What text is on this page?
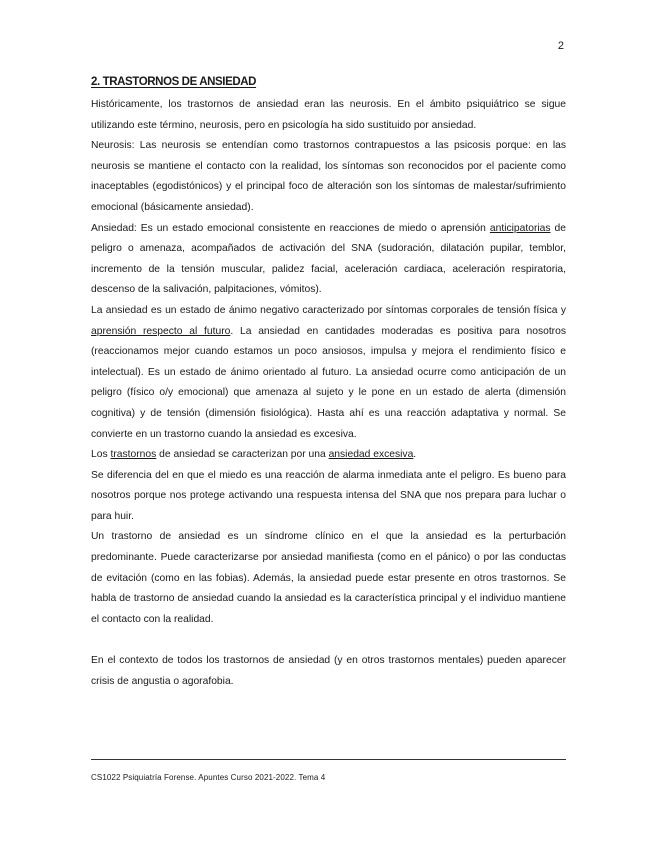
2
2. TRASTORNOS DE ANSIEDAD

Históricamente, los trastornos de ansiedad eran las neurosis. En el ámbito psiquiátrico se sigue utilizando este término, neurosis, pero en psicología ha sido sustituido por ansiedad.

Neurosis: Las neurosis se entendían como trastornos contrapuestos a las psicosis porque: en las neurosis se mantiene el contacto con la realidad, los síntomas son reconocidos por el paciente como inaceptables (egodistónicos) y el principal foco de alteración son los síntomas de malestar/sufrimiento emocional (básicamente ansiedad).

Ansiedad: Es un estado emocional consistente en reacciones de miedo o aprensión anticipatorias de peligro o amenaza, acompañados de activación del SNA (sudoración, dilatación pupilar, temblor, incremento de la tensión muscular, palidez facial, aceleración cardiaca, aceleración respiratoria, descenso de la salivación, palpitaciones, vómitos).

La ansiedad es un estado de ánimo negativo caracterizado por síntomas corporales de tensión física y aprensión respecto al futuro. La ansiedad en cantidades moderadas es positiva para nosotros (reaccionamos mejor cuando estamos un poco ansiosos, impulsa y mejora el rendimiento físico e intelectual). Es un estado de ánimo orientado al futuro. La ansiedad ocurre como anticipación de un peligro (físico o/y emocional) que amenaza al sujeto y le pone en un estado de alerta (dimensión cognitiva) y de tensión (dimensión fisiológica). Hasta ahí es una reacción adaptativa y normal. Se convierte en un trastorno cuando la ansiedad es excesiva.

Los trastornos de ansiedad se caracterizan por una ansiedad excesiva.

Se diferencia del en que el miedo es una reacción de alarma inmediata ante el peligro. Es bueno para nosotros porque nos protege activando una respuesta intensa del SNA que nos prepara para luchar o para huir.

Un trastorno de ansiedad es un síndrome clínico en el que la ansiedad es la perturbación predominante. Puede caracterizarse por ansiedad manifiesta (como en el pánico) o por las conductas de evitación (como en las fobias). Además, la ansiedad puede estar presente en otros trastornos. Se habla de trastorno de ansiedad cuando la ansiedad es la característica principal y el individuo mantiene el contacto con la realidad.

En el contexto de todos los trastornos de ansiedad (y en otros trastornos mentales) pueden aparecer crisis de angustia o agorafobia.

CS1022 Psiquiatría Forense. Apuntes Curso 2021-2022. Tema 4
